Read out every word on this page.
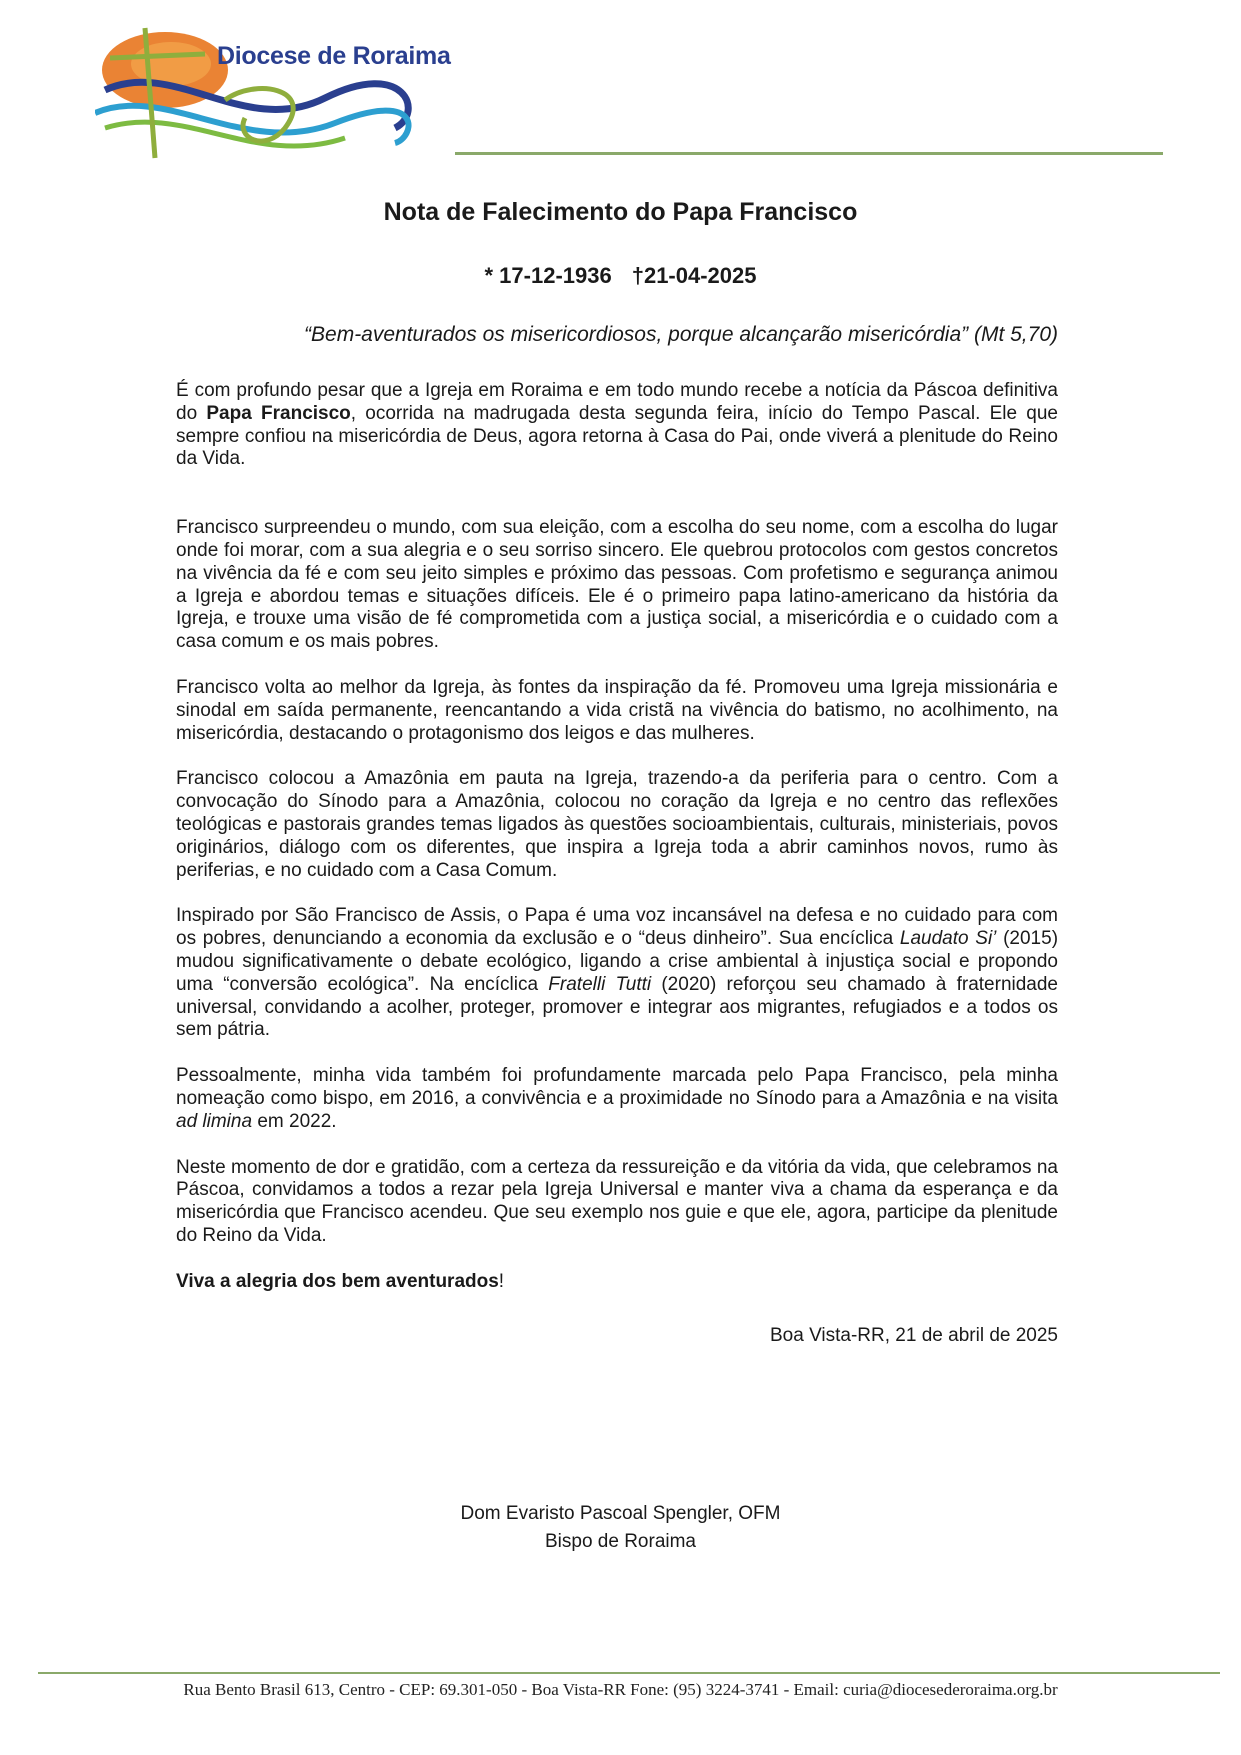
Diocese de Roraima
Nota de Falecimento do Papa Francisco
* 17-12-1936 †21-04-2025
“Bem-aventurados os misericordiosos, porque alcançarão misericórdia” (Mt 5,70)

É com profundo pesar que a Igreja em Roraima e em todo mundo recebe a notícia da Páscoa definitiva do Papa Francisco, ocorrida na madrugada desta segunda feira, início do Tempo Pascal. Ele que sempre confiou na misericórdia de Deus, agora retorna à Casa do Pai, onde viverá a plenitude do Reino da Vida.

Francisco surpreendeu o mundo, com sua eleição, com a escolha do seu nome, com a escolha do lugar onde foi morar, com a sua alegria e o seu sorriso sincero. Ele quebrou protocolos com gestos concretos na vivência da fé e com seu jeito simples e próximo das pessoas. Com profetismo e segurança animou a Igreja e abordou temas e situações difíceis. Ele é o primeiro papa latino-americano da história da Igreja, e trouxe uma visão de fé comprometida com a justiça social, a misericórdia e o cuidado com a casa comum e os mais pobres.

Francisco volta ao melhor da Igreja, às fontes da inspiração da fé. Promoveu uma Igreja missionária e sinodal em saída permanente, reencantando a vida cristã na vivência do batismo, no acolhimento, na misericórdia, destacando o protagonismo dos leigos e das mulheres.

Francisco colocou a Amazônia em pauta na Igreja, trazendo-a da periferia para o centro. Com a convocação do Sínodo para a Amazônia, colocou no coração da Igreja e no centro das reflexões teológicas e pastorais grandes temas ligados às questões socioambientais, culturais, ministeriais, povos originários, diálogo com os diferentes, que inspira a Igreja toda a abrir caminhos novos, rumo às periferias, e no cuidado com a Casa Comum.

Inspirado por São Francisco de Assis, o Papa é uma voz incansável na defesa e no cuidado para com os pobres, denunciando a economia da exclusão e o “deus dinheiro”. Sua encíclica Laudato Si’ (2015) mudou significativamente o debate ecológico, ligando a crise ambiental à injustiça social e propondo uma “conversão ecológica”. Na encíclica Fratelli Tutti (2020) reforçou seu chamado à fraternidade universal, convidando a acolher, proteger, promover e integrar aos migrantes, refugiados e a todos os sem pátria.

Pessoalmente, minha vida também foi profundamente marcada pelo Papa Francisco, pela minha nomeação como bispo, em 2016, a convivência e a proximidade no Sínodo para a Amazônia e na visita ad limina em 2022.

Neste momento de dor e gratidão, com a certeza da ressureição e da vitória da vida, que celebramos na Páscoa, convidamos a todos a rezar pela Igreja Universal e manter viva a chama da esperança e da misericórdia que Francisco acendeu. Que seu exemplo nos guie e que ele, agora, participe da plenitude do Reino da Vida.

Viva a alegria dos bem aventurados!

Boa Vista-RR, 21 de abril de 2025
Dom Evaristo Pascoal Spengler, OFM
Bispo de Roraima
Rua Bento Brasil 613, Centro - CEP: 69.301-050 - Boa Vista-RR Fone: (95) 3224-3741 - Email: curia@diocesederoraima.org.br
